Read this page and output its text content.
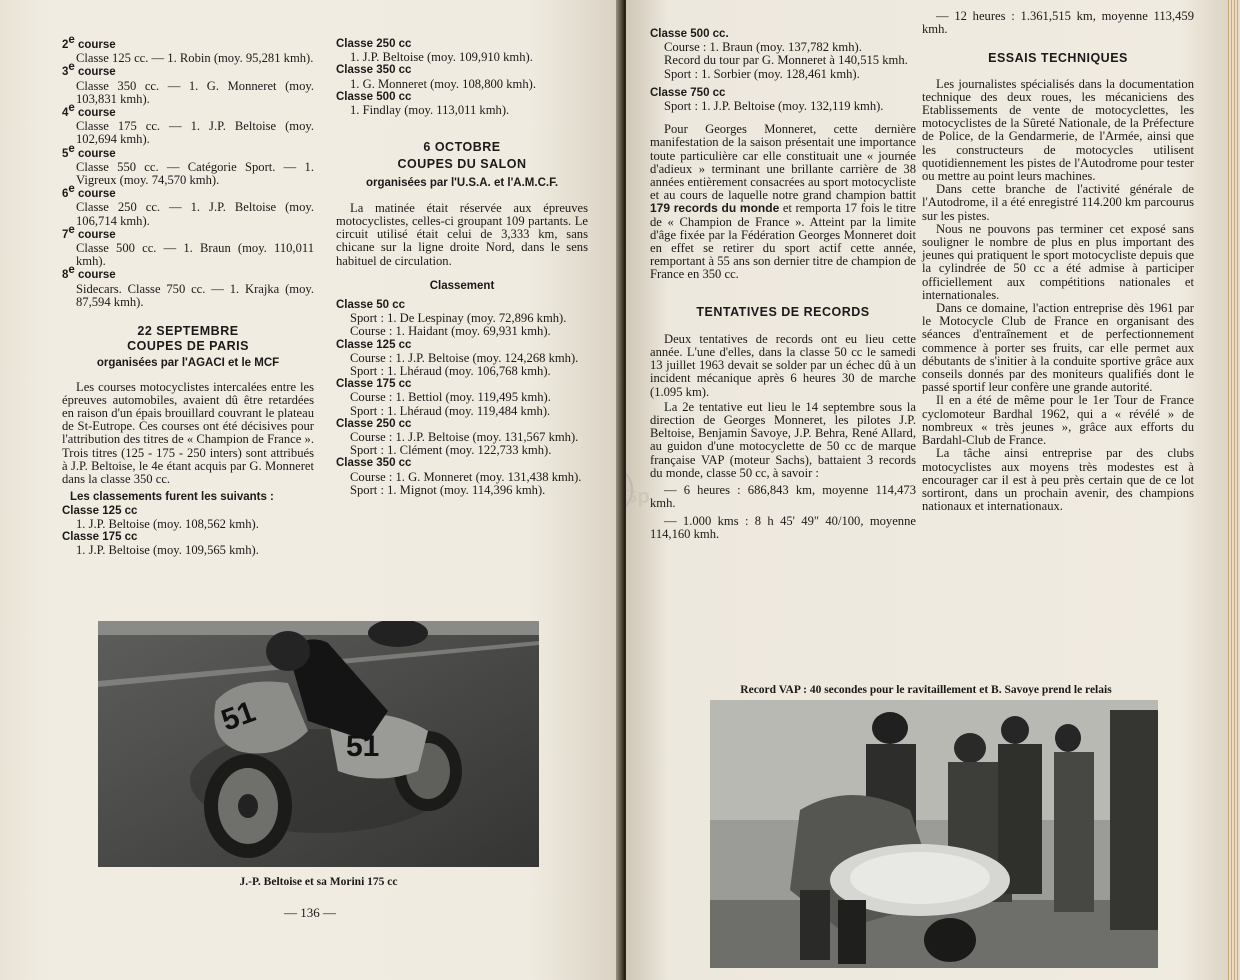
2e course

Classe 125 cc. — 1. Robin (moy. 95,281 kmh).

3e course

Classe 350 cc. — 1. G. Monneret (moy. 103,831 kmh).

4e course

Classe 175 cc. — 1. J.P. Beltoise (moy. 102,694 kmh).

5e course

Classe 550 cc. — Catégorie Sport. — 1. Vigreux (moy. 74,570 kmh).

6e course

Classe 250 cc. — 1. J.P. Beltoise (moy. 106,714 kmh).

7e course

Classe 500 cc. — 1. Braun (moy. 110,011 kmh).

8e course

Sidecars. Classe 750 cc. — 1. Krajka (moy. 87,594 kmh).

22 SEPTEMBRE

COUPES DE PARIS

organisées par l'AGACI et le MCF

Les courses motocyclistes intercalées entre les épreuves automobiles, avaient dû être retardées en raison d'un épais brouillard couvrant le plateau de St-Eutrope. Ces courses ont été décisives pour l'attribution des titres de « Champion de France ». Trois titres (125 - 175 - 250 inters) sont attribués à J.P. Beltoise, le 4e étant acquis par G. Monneret dans la classe 350 cc.

Les classements furent les suivants :

Classe 125 cc

1. J.P. Beltoise (moy. 108,562 kmh).

Classe 175 cc

1. J.P. Beltoise (moy. 109,565 kmh).

Classe 250 cc

1. J.P. Beltoise (moy. 109,910 kmh).

Classe 350 cc

1. G. Monneret (moy. 108,800 kmh).

Classe 500 cc

1. Findlay (moy. 113,011 kmh).

6 OCTOBRE

COUPES DU SALON

organisées par l'U.S.A. et l'A.M.C.F.

La matinée était réservée aux épreuves motocyclistes, celles-ci groupant 109 partants. Le circuit utilisé était celui de 3,333 km, sans chicane sur la ligne droite Nord, dans le sens habituel de circulation.

Classement

Classe 50 cc

Sport : 1. De Lespinay (moy. 72,896 kmh).

Course : 1. Haidant (moy. 69,931 kmh).

Classe 125 cc

Course : 1. J.P. Beltoise (moy. 124,268 kmh).

Sport : 1. Lhéraud (moy. 106,768 kmh).

Classe 175 cc

Course : 1. Bettiol (moy. 119,495 kmh).

Sport : 1. Lhéraud (moy. 119,484 kmh).

Classe 250 cc

Course : 1. J.P. Beltoise (moy. 131,567 kmh).

Sport : 1. Clément (moy. 122,733 kmh).

Classe 350 cc

Course : 1. G. Monneret (moy. 131,438 kmh).

Sport : 1. Mignot (moy. 114,396 kmh).

51
51
J.-P. Beltoise et sa Morini 175 cc
— 136 —

Classe 500 cc.

Course : 1. Braun (moy. 137,782 kmh).

Record du tour par G. Monneret à 140,515 kmh.

Sport : 1. Sorbier (moy. 128,461 kmh).

Classe 750 cc

Sport : 1. J.P. Beltoise (moy. 132,119 kmh).

Pour Georges Monneret, cette dernière manifestation de la saison présentait une importance toute particulière car elle constituait une « journée d'adieux » terminant une brillante carrière de 38 années entièrement consacrées au sport motocycliste et au cours de laquelle notre grand champion battit 179 records du monde et remporta 17 fois le titre de « Champion de France ». Atteint par la limite d'âge fixée par la Fédération Georges Monneret doit en effet se retirer du sport actif cette année, remportant à 55 ans son dernier titre de champion de France en 350 cc.

TENTATIVES DE RECORDS

Deux tentatives de records ont eu lieu cette année. L'une d'elles, dans la classe 50 cc le samedi 13 juillet 1963 devait se solder par un échec dû à un incident mécanique après 6 heures 30 de marche (1.095 km).

La 2e tentative eut lieu le 14 septembre sous la direction de Georges Monneret, les pilotes J.P. Beltoise, Benjamin Savoye, J.P. Behra, René Allard, au guidon d'une motocyclette de 50 cc de marque française VAP (moteur Sachs), battaient 3 records du monde, classe 50 cc, à savoir :

— 6 heures : 686,843 km, moyenne 114,473 kmh.

— 1.000 kms : 8 h 45' 49" 40/100, moyenne 114,160 kmh.

— 12 heures : 1.361,515 km, moyenne 113,459 kmh.

ESSAIS TECHNIQUES

Les journalistes spécialisés dans la documentation technique des deux roues, les mécaniciens des Etablissements de vente de motocyclettes, les motocyclistes de la Sûreté Nationale, de la Préfecture de Police, de la Gendarmerie, de l'Armée, ainsi que les constructeurs de motocycles utilisent quotidiennement les pistes de l'Autodrome pour tester ou mettre au point leurs machines.

Dans cette branche de l'activité générale de l'Autodrome, il a été enregistré 114.200 km parcourus sur les pistes.

Nous ne pouvons pas terminer cet exposé sans souligner le nombre de plus en plus important des jeunes qui pratiquent le sport motocycliste depuis que la cylindrée de 50 cc a été admise à participer officiellement aux compétitions nationales et internationales.

Dans ce domaine, l'action entreprise dès 1961 par le Motocycle Club de France en organisant des séances d'entraînement et de perfectionnement commence à porter ses fruits, car elle permet aux débutants de s'initier à la conduite sportive grâce aux conseils donnés par des moniteurs qualifiés dont le passé sportif leur confère une grande autorité.

Il en a été de même pour le 1er Tour de France cyclomoteur Bardhal 1962, qui a « révélé » de nombreux « très jeunes », grâce aux efforts du Bardahl-Club de France.

La tâche ainsi entreprise par des clubs motocyclistes aux moyens très modestes est à encourager car il est à peu près certain que de ce lot sortiront, dans un prochain avenir, des champions nationaux et internationaux.

Record VAP : 40 secondes pour le ravitaillement et B. Savoye prend le relais
Gp
